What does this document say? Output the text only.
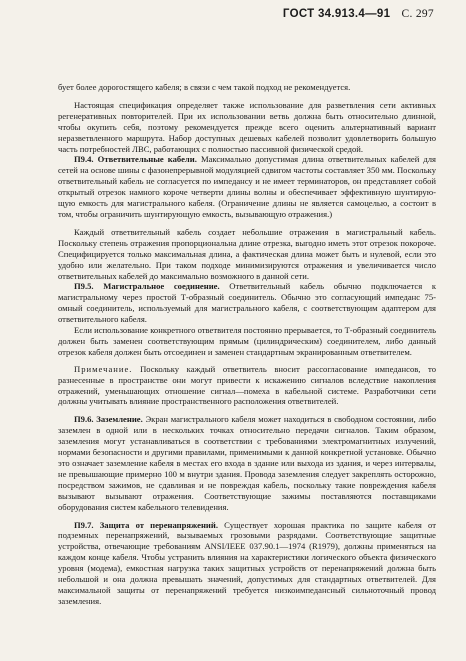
ГОСТ 34.913.4—91 С. 297

бует более дорогостящего кабеля; в связи с чем такой подход не рекомендуется.

Настоящая спецификация определяет также использование для разветвления сети активных регенеративных повторителей. При их использовании ветвь должна быть относительно длинной, чтобы окупить себя, поэтому рекомендуется прежде всего оценить альтернативный вариант неразветвленного маршрута. Набор доступных дешевых кабелей позволит удовлетворить большую часть потребностей ЛВС, работающих с полностью пассивной физической средой.

П9.4. Ответвительные кабели. Максимально допустимая длина ответвительных кабелей для сетей на основе шины с фазонепрерывной модуляцией сдвигом частоты составляет 350 мм. Поскольку ответвительный кабель не согласуется по импедансу и не имеет терминаторов, он представляет собой открытый отрезок намного короче четверти длины волны и обеспечивает эффективную шунтирующую емкость для магистрального кабеля. (Ограничение длины не является самоцелью, а состоит в том, чтобы ограничить шунтирующую емкость, вызывающую отражения.)

Каждый ответвительный кабель создает небольшие отражения в магистральный кабель. Поскольку степень отражения пропорциональна длине отрезка, выгодно иметь этот отрезок покороче. Специфицируется только максимальная длина, а фактическая длина может быть и нулевой, если это удобно или желательно. При таком подходе минимизируются отражения и увеличивается число ответвительных кабелей до максимально возможного в данной сети.

П9.5. Магистральное соединение. Ответвительный кабель обычно подключается к магистральному через простой Т-образный соединитель. Обычно это согласующий импеданс 75-омный соединитель, используемый для магистрального кабеля, с соответствующим адаптером для ответвительного кабеля.

Если использование конкретного ответвителя постоянно прерывается, то Т-образный соединитель должен быть заменен соответствующим прямым (цилиндрическим) соединителем, либо данный отрезок кабеля должен быть отсоединен и заменен стандартным экранированным ответвителем.

Примечание. Поскольку каждый ответвитель вносит рассогласование импедансов, то разнесенные в пространстве они могут привести к искажению сигналов вследствие накопления отражений, уменьшающих отношение сигнал—помеха в кабельной системе. Разработчики сети должны учитывать влияние пространственного расположения ответвителей.

П9.6. Заземление. Экран магистрального кабеля может находиться в свободном состоянии, либо заземлен в одной или в нескольких точках относительно передачи сигналов. Таким образом, заземления могут устанавливаться в соответствии с требованиями электромагнитных излучений, нормами безопасности и другими правилами, применимыми к данной конкретной установке. Обычно это означает заземление кабеля в местах его входа в здание или выхода из здания, и через интервалы, не превышающие примерно 100 м внутри здания. Провода заземления следует закреплять осторожно, посредством зажимов, не сдавливая и не повреждая кабель, поскольку такие повреждения кабеля вызывают вызывают отражения. Соответствующие зажимы поставляются поставщиками оборудования систем кабельного телевидения.

П9.7. Защита от перенапряжений. Существует хорошая практика по защите кабеля от подземных перенапряжений, вызываемых грозовыми разрядами. Соответствующие защитные устройства, отвечающие требованиям ANSI/IEEE 037.90.1—1974 (R1979), должны применяться на каждом конце кабеля. Чтобы устранить влияния на характеристики логического объекта физического уровня (модема), емкостная нагрузка таких защитных устройств от перенапряжений должна быть небольшой и она должна превышать значений, допустимых для стандартных ответвителей. Для максимальной защиты от перенапряжений требуется низкоимпедансный сильноточный провод заземления.
